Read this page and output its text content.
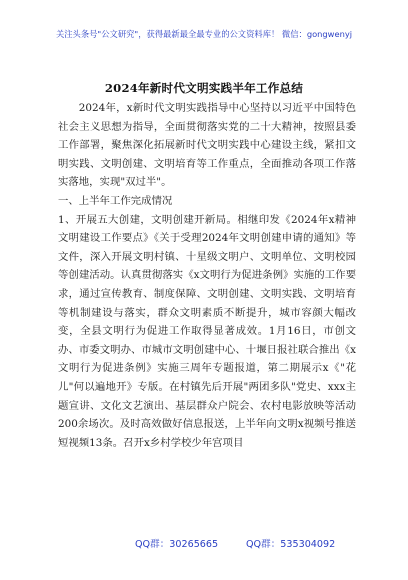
关注头条号"公文研究"，获得最新最全最专业的公文资料库！ 微信：gongwenyj
2024年新时代文明实践半年工作总结

2024年，x新时代文明实践指导中心坚持以习近平中国特色社会主义思想为指导，全面贯彻落实党的二十大精神，按照县委工作部署，聚焦深化拓展新时代文明实践中心建设主线，紧扣文明实践、文明创建、文明培育等工作重点，全面推动各项工作落实落地，实现"双过半"。

一、上半年工作完成情况

1、开展五大创建，文明创建开新局。相继印发《2024年x精神文明建设工作要点》《关于受理2024年文明创建申请的通知》等文件，深入开展文明村镇、十星级文明户、文明单位、文明校园等创建活动。认真贯彻落实《x文明行为促进条例》实施的工作要求，通过宣传教育、制度保障、文明创建、文明实践、文明培育等机制建设与落实，群众文明素质不断提升，城市容颜大幅改变，全县文明行为促进工作取得显著成效。1月16日，市创文办、市委文明办、市城市文明创建中心、十堰日报社联合推出《x文明行为促进条例》实施三周年专题报道，第二期展示x《"花儿"何以遍地开》专版。在村镇先后开展"两团多队"党史、xxx主题宣讲、文化文艺演出、基层群众户院会、农村电影放映等活动200余场次。及时高效做好信息报送，上半年向文明x视频号推送短视频13条。召开x乡村学校少年宫项目

QQ群：30265665	QQ群：535304092
